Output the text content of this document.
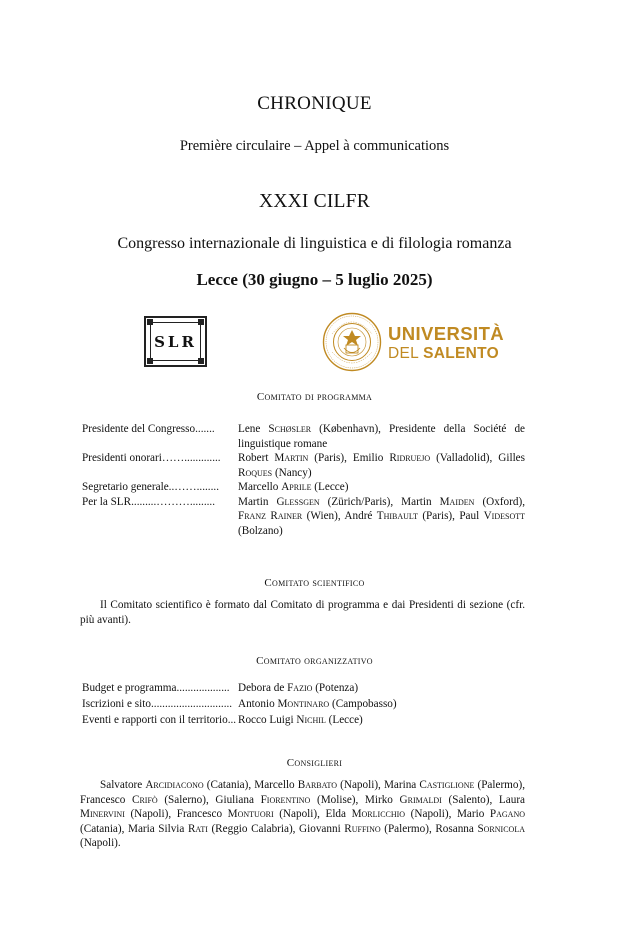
CHRONIQUE
Première circulaire – Appel à communications
XXXI CILFR
Congresso internazionale di linguistica e di filologia romanza
Lecce (30 giugno – 5 luglio 2025)
SLR	UNIVERSITÀ
DEL SALENTO
Comitato di programma
Presidente del Congresso.......	Lene Schøsler (København), Presidente della Société de linguistique romane
Presidenti onorari…….............	Robert Martin (Paris), Emilio Ridruejo (Valladolid), Gilles Roques (Nancy)
Segretario generale..……........	Marcello Aprile (Lecce)
Per la SLR.........……….........	Martin Glessgen (Zürich/Paris), Martin Maiden (Oxford), Franz Rainer (Wien), André Thibault (Paris), Paul Videsott (Bolzano)
Comitato scientifico
Il Comitato scientifico è formato dal Comitato di programma e dai Presidenti di sezione (cfr. più avanti).
Comitato organizzativo
Budget e programma................... Debora de Fazio (Potenza)
Iscrizioni e sito............................. Antonio Montinaro (Campobasso)
Eventi e rapporti con il territorio... Rocco Luigi Nichil (Lecce)
Consiglieri
Salvatore Arcidiacono (Catania), Marcello Barbato (Napoli), Marina Castiglione (Palermo), Francesco Crifò (Salerno), Giuliana Fiorentino (Molise), Mirko Grimaldi (Salento), Laura Minervini (Napoli), Francesco Montuori (Napoli), Elda Morlicchio (Napoli), Mario Pagano (Catania), Maria Silvia Rati (Reggio Calabria), Giovanni Ruffino (Palermo), Rosanna Sornicola (Napoli).
